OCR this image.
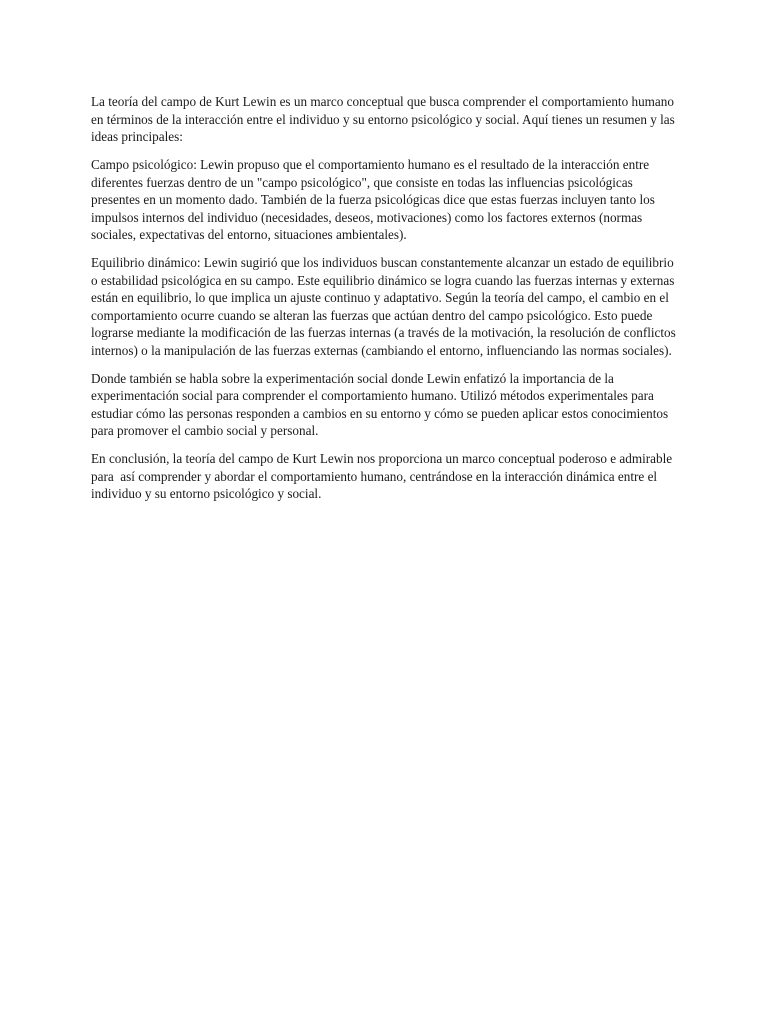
La teoría del campo de Kurt Lewin es un marco conceptual que busca comprender el comportamiento humano en términos de la interacción entre el individuo y su entorno psicológico y social. Aquí tienes un resumen y las ideas principales:

Campo psicológico: Lewin propuso que el comportamiento humano es el resultado de la interacción entre diferentes fuerzas dentro de un "campo psicológico", que consiste en todas las influencias psicológicas presentes en un momento dado. También de la fuerza psicológicas dice que estas fuerzas incluyen tanto los impulsos internos del individuo (necesidades, deseos, motivaciones) como los factores externos (normas sociales, expectativas del entorno, situaciones ambientales).

Equilibrio dinámico: Lewin sugirió que los individuos buscan constantemente alcanzar un estado de equilibrio o estabilidad psicológica en su campo. Este equilibrio dinámico se logra cuando las fuerzas internas y externas están en equilibrio, lo que implica un ajuste continuo y adaptativo. Según la teoría del campo, el cambio en el comportamiento ocurre cuando se alteran las fuerzas que actúan dentro del campo psicológico. Esto puede lograrse mediante la modificación de las fuerzas internas (a través de la motivación, la resolución de conflictos internos) o la manipulación de las fuerzas externas (cambiando el entorno, influenciando las normas sociales).

Donde también se habla sobre la experimentación social donde Lewin enfatizó la importancia de la experimentación social para comprender el comportamiento humano. Utilizó métodos experimentales para estudiar cómo las personas responden a cambios en su entorno y cómo se pueden aplicar estos conocimientos para promover el cambio social y personal.

En conclusión, la teoría del campo de Kurt Lewin nos proporciona un marco conceptual poderoso e admirable para  así comprender y abordar el comportamiento humano, centrándose en la interacción dinámica entre el individuo y su entorno psicológico y social.
